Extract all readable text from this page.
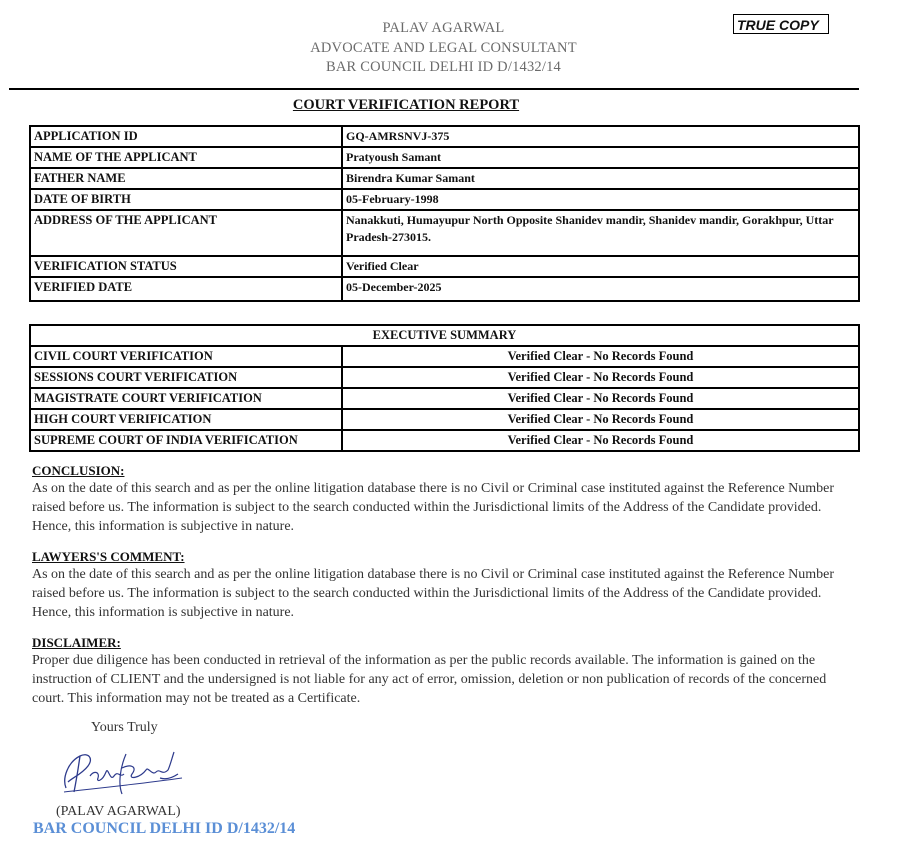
PALAV AGARWAL
ADVOCATE AND LEGAL CONSULTANT
BAR COUNCIL DELHI ID D/1432/14
TRUE COPY
COURT VERIFICATION REPORT
APPLICATION ID	GQ-AMRSNVJ-375
NAME OF THE APPLICANT	Pratyoush Samant
FATHER NAME	Birendra Kumar Samant
DATE OF BIRTH	05-February-1998
ADDRESS OF THE APPLICANT	Nanakkuti, Humayupur North Opposite Shanidev mandir, Shanidev mandir, Gorakhpur, Uttar Pradesh-273015.
VERIFICATION STATUS	Verified Clear
VERIFIED DATE	05-December-2025
EXECUTIVE SUMMARY	
CIVIL COURT VERIFICATION	Verified Clear - No Records Found
SESSIONS COURT VERIFICATION	Verified Clear - No Records Found
MAGISTRATE COURT VERIFICATION	Verified Clear - No Records Found
HIGH COURT VERIFICATION	Verified Clear - No Records Found
SUPREME COURT OF INDIA VERIFICATION	Verified Clear - No Records Found
CONCLUSION:
As on the date of this search and as per the online litigation database there is no Civil or Criminal case instituted against the Reference Number raised before us. The information is subject to the search conducted within the Jurisdictional limits of the Address of the Candidate provided. Hence, this information is subjective in nature.
LAWYERS'S COMMENT:
As on the date of this search and as per the online litigation database there is no Civil or Criminal case instituted against the Reference Number raised before us. The information is subject to the search conducted within the Jurisdictional limits of the Address of the Candidate provided. Hence, this information is subjective in nature.
DISCLAIMER:
Proper due diligence has been conducted in retrieval of the information as per the public records available. The information is gained on the instruction of CLIENT and the undersigned is not liable for any act of error, omission, deletion or non publication of records of the concerned court. This information may not be treated as a Certificate.
Yours Truly
(PALAV AGARWAL)
BAR COUNCIL DELHI ID D/1432/14
